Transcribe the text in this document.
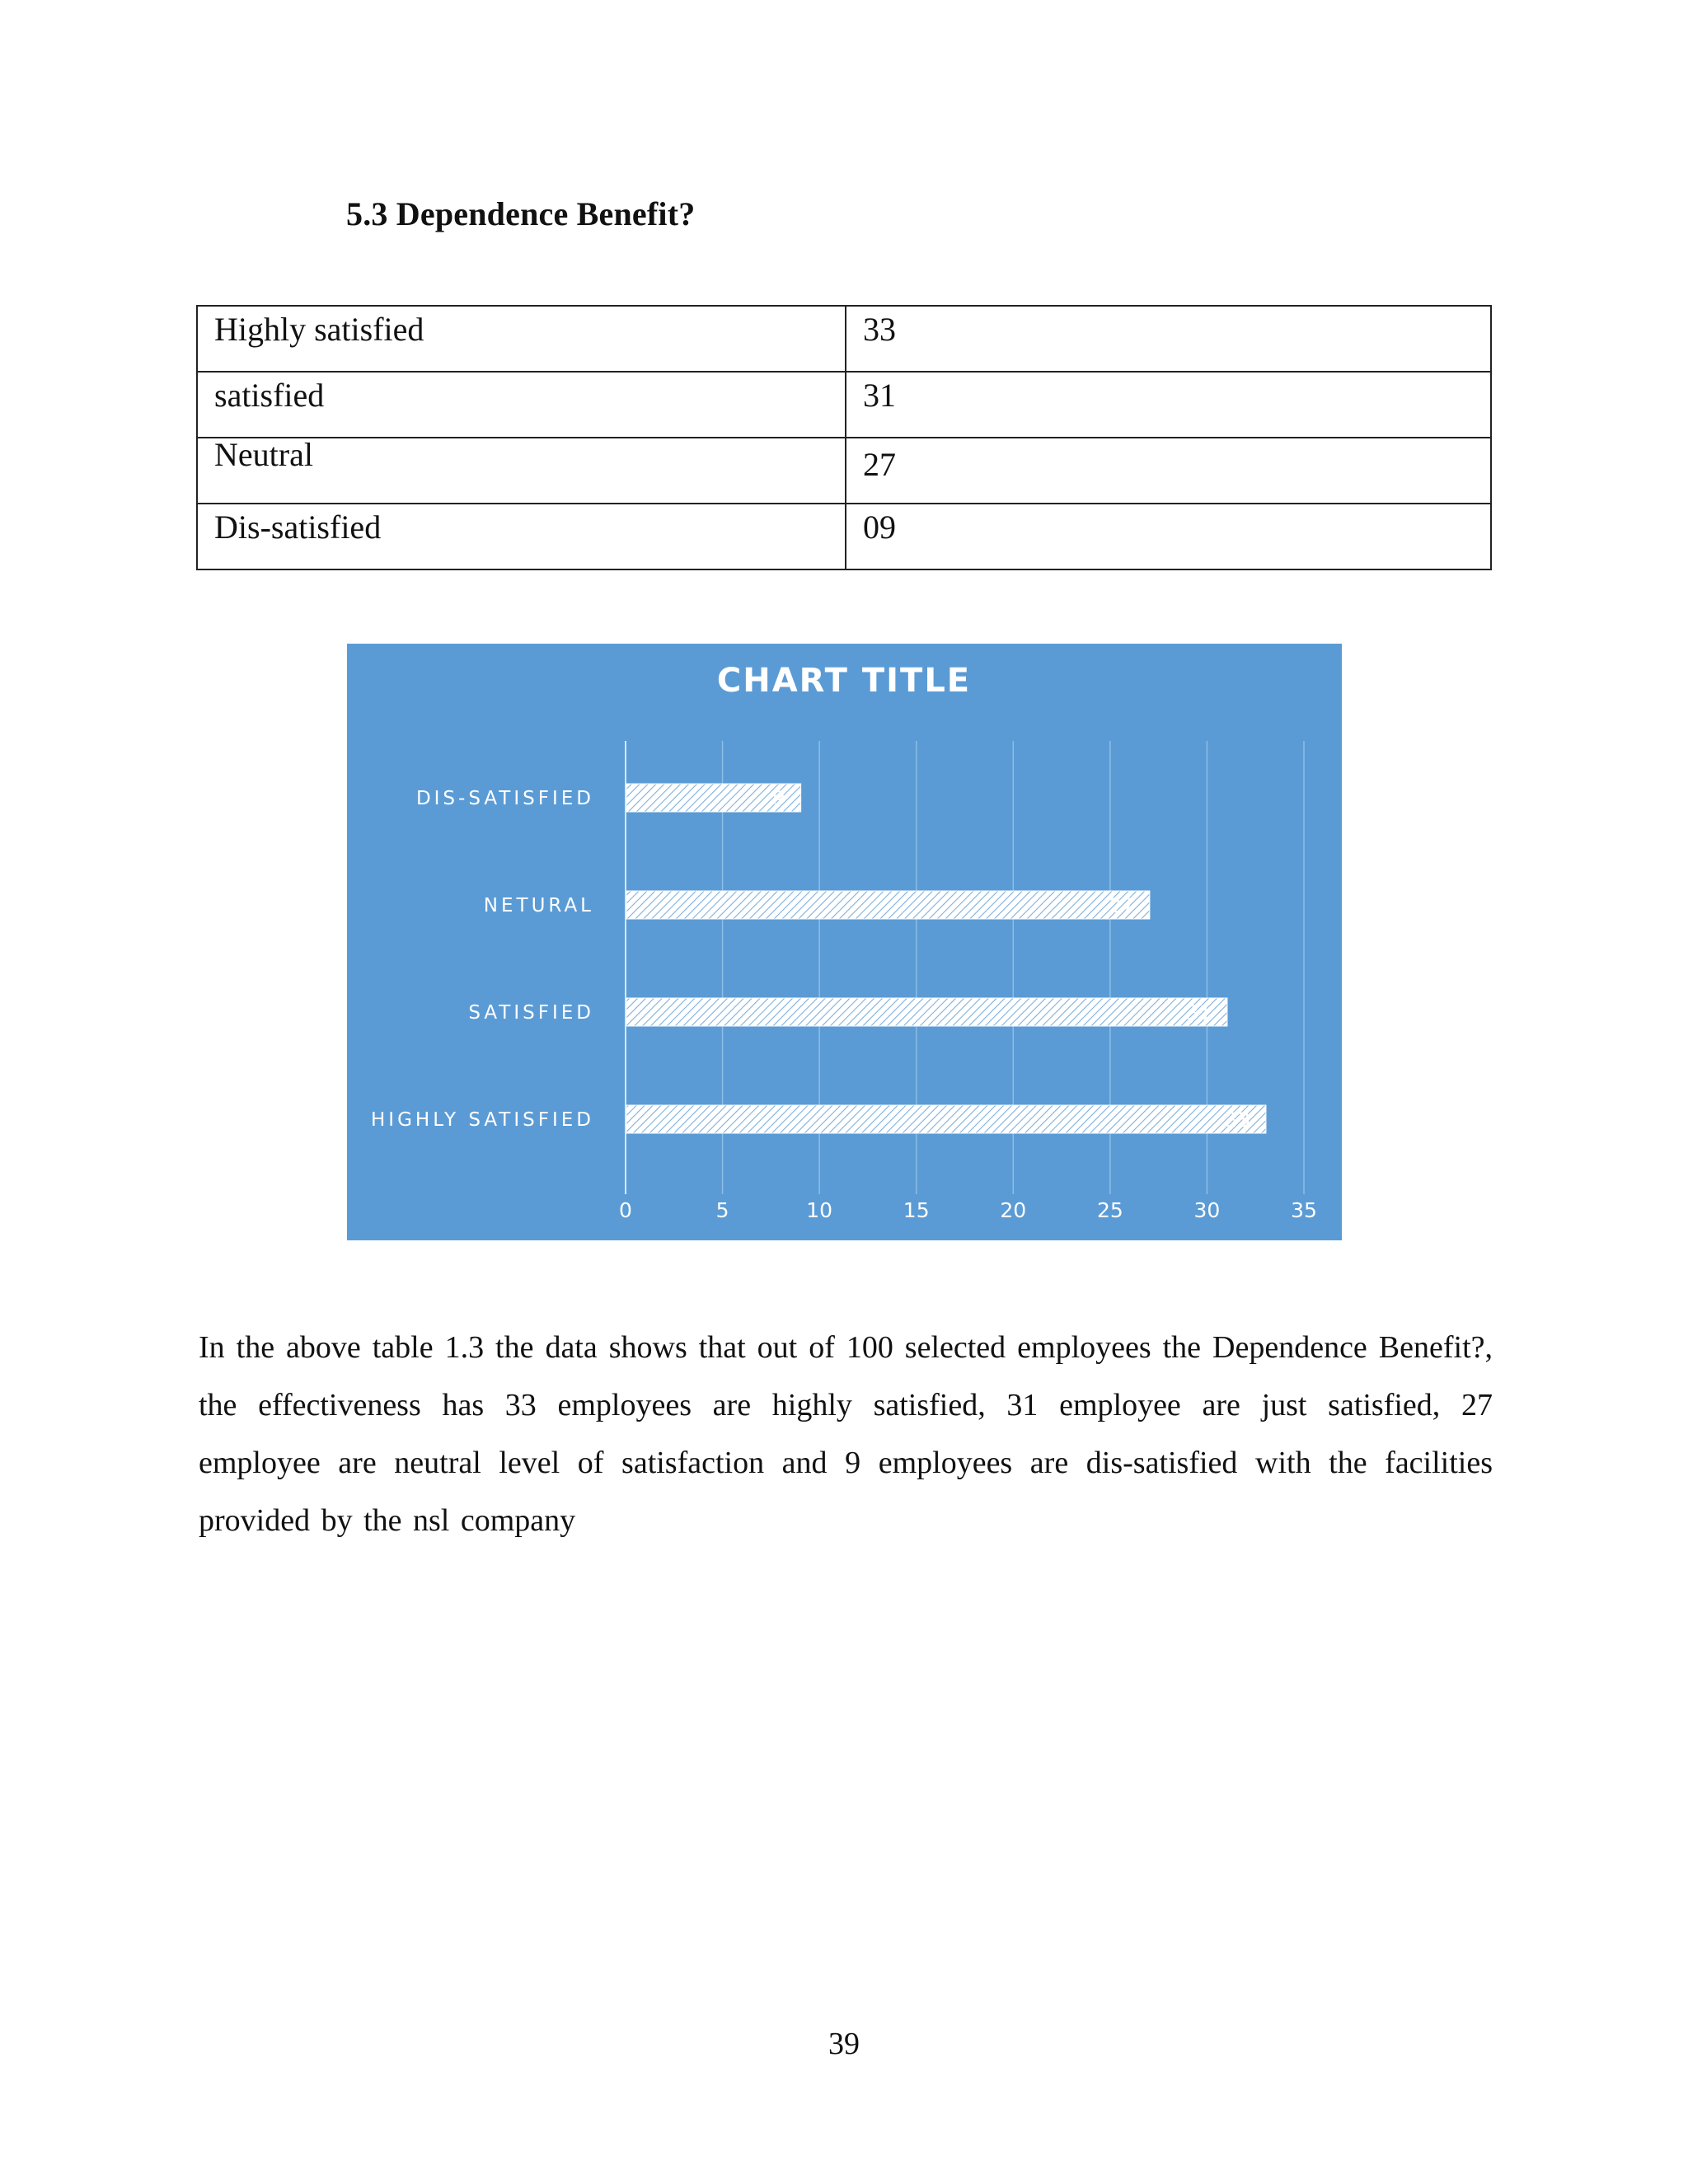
5.3 Dependence Benefit?
Highly satisfied	33
satisfied	31
Neutral	27
Dis-satisfied	09
CHART TITLE
9
27
31
33
DIS-SATISFIED
NETURAL
SATISFIED
HIGHLY SATISFIED
0	5	10	15	20	25	30	35

In the above table 1.3 the data shows that out of 100 selected employees the Dependence Benefit?, the effectiveness has 33 employees are highly satisfied, 31 employee are just satisfied, 27 employee are neutral level of satisfaction and 9 employees are dis-satisfied with the facilities provided by the nsl company

39
